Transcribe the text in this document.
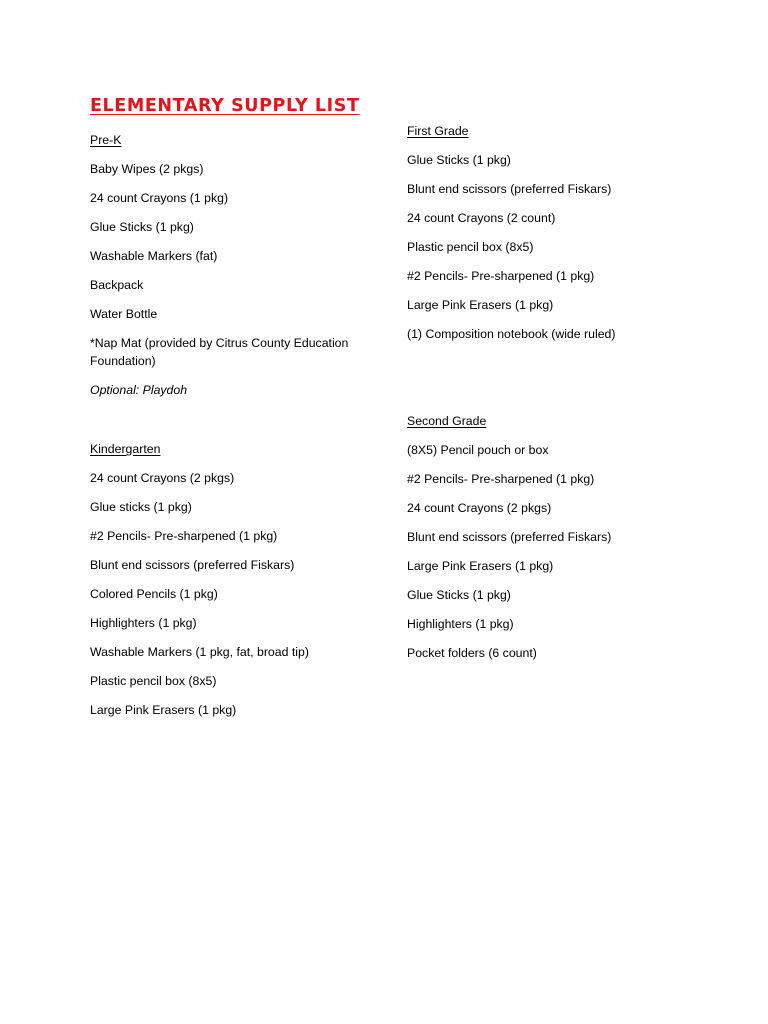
ELEMENTARY SUPPLY LIST
Pre-K
Baby Wipes (2 pkgs)
24 count Crayons (1 pkg)
Glue Sticks (1 pkg)
Washable Markers (fat)
Backpack
Water Bottle
*Nap Mat (provided by Citrus County Education Foundation)
Optional: Playdoh
Kindergarten
24 count Crayons (2 pkgs)
Glue sticks (1 pkg)
#2 Pencils- Pre-sharpened (1 pkg)
Blunt end scissors (preferred Fiskars)
Colored Pencils (1 pkg)
Highlighters (1 pkg)
Washable Markers (1 pkg, fat, broad tip)
Plastic pencil box (8x5)
Large Pink Erasers (1 pkg)
First Grade
Glue Sticks (1 pkg)
Blunt end scissors (preferred Fiskars)
24 count Crayons (2 count)
Plastic pencil box (8x5)
#2 Pencils- Pre-sharpened (1 pkg)
Large Pink Erasers (1 pkg)
(1) Composition notebook (wide ruled)
Second Grade
(8X5) Pencil pouch or box
#2 Pencils- Pre-sharpened (1 pkg)
24 count Crayons (2 pkgs)
Blunt end scissors (preferred Fiskars)
Large Pink Erasers (1 pkg)
Glue Sticks (1 pkg)
Highlighters (1 pkg)
Pocket folders (6 count)
